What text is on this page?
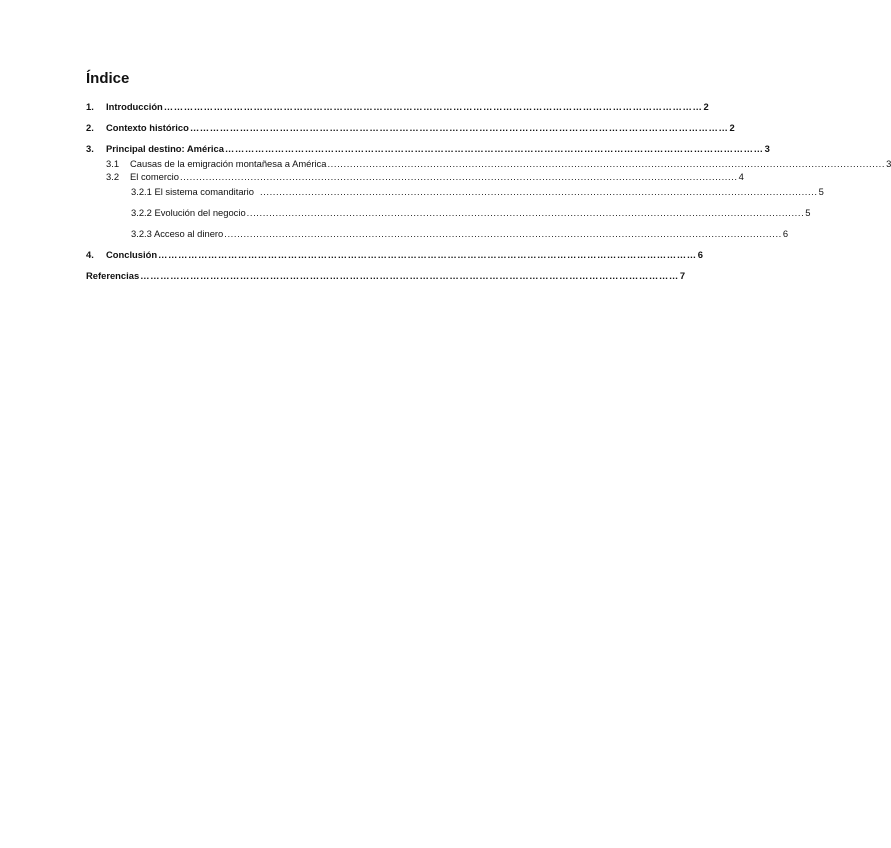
Índice
1.	Introducción ……………………………………………………………………………………………………………………………………………… 2
2.	Contexto histórico ……………………………………………………………………………………………………………………………………………… 2
3.	Principal destino: América ……………………………………………………………………………………………………………………………………………… 3
3.1	Causas de la emigración montañesa a América .............................................................................................................................................................................. 3
3.2	El comercio .............................................................................................................................................................................. 4
3.2.1 El sistema comanditario .............................................................................................................................................................................. 5
3.2.2 Evolución del negocio .............................................................................................................................................................................. 5
3.2.3 Acceso al dinero .............................................................................................................................................................................. 6
4.	Conclusión ……………………………………………………………………………………………………………………………………………… 6
Referencias ……………………………………………………………………………………………………………………………………………… 7
